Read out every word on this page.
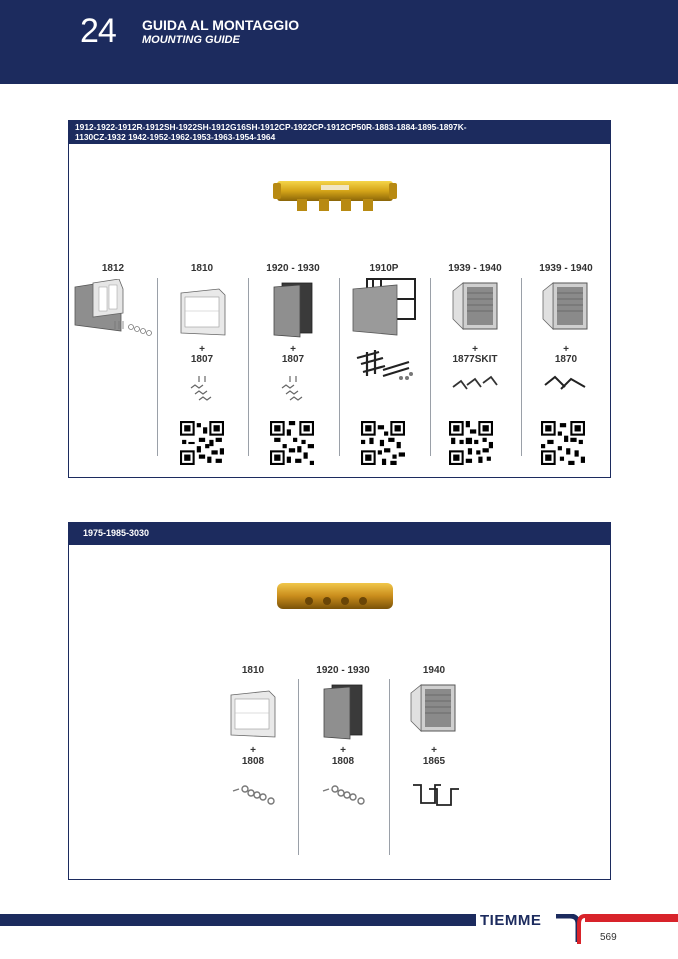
24 GUIDA AL MONTAGGIO
MOUNTING GUIDE
1912-1922-1912R-1912SH-1922SH-1912G16SH-1912CP-1922CP-1912CP50R-1883-1884-1895-1897K-
1130CZ-1932 1942-1952-1962-1953-1963-1954-1964
1812	1810
+
1807
1920 - 1930
+
1807
1910P	1939 - 1940
+
1877SKIT
1939 - 1940
+
1870
1975-1985-3030
1810
+
1808
1920 - 1930
+
1808
1940
+
1865
TIEMME
569
